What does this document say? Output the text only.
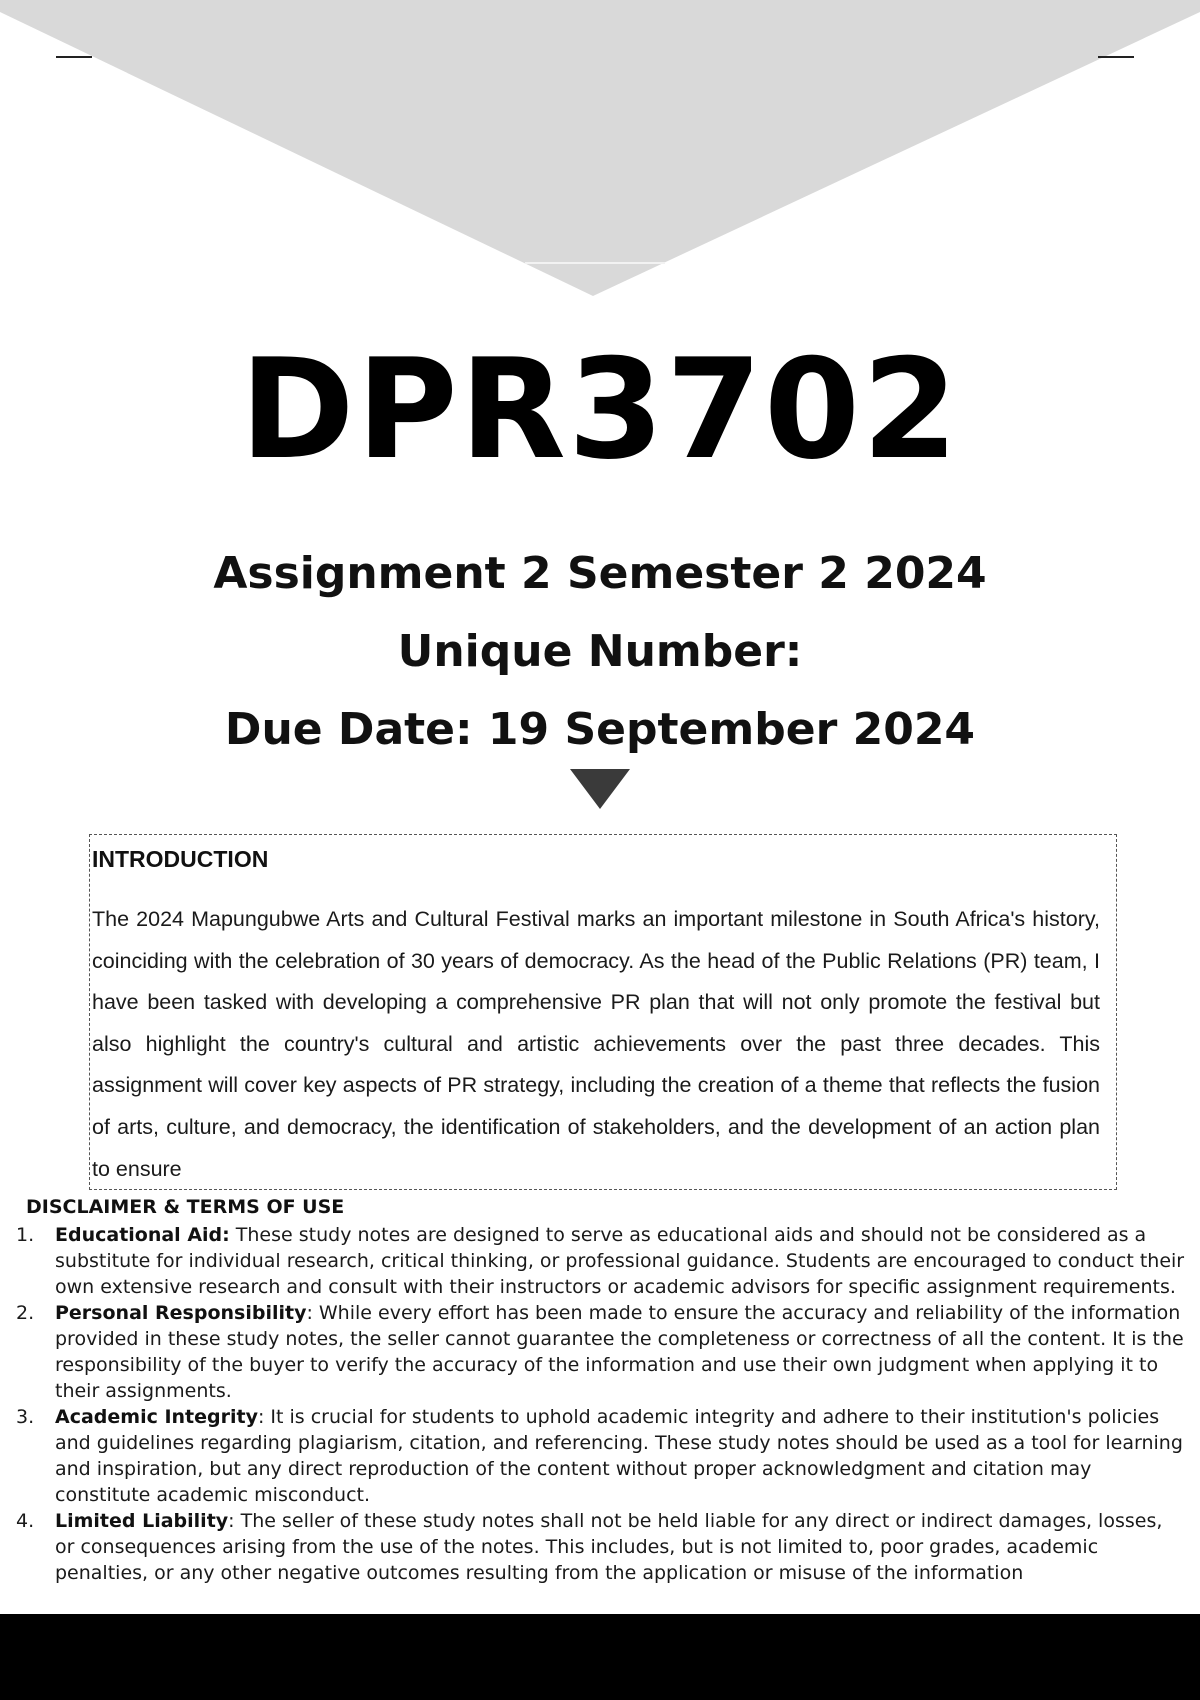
DPR3702
Assignment 2 Semester 2 2024
Unique Number:
Due Date: 19 September 2024
INTRODUCTION

The 2024 Mapungubwe Arts and Cultural Festival marks an important milestone in South Africa's history, coinciding with the celebration of 30 years of democracy. As the head of the Public Relations (PR) team, I have been tasked with developing a comprehensive PR plan that will not only promote the festival but also highlight the country's cultural and artistic achievements over the past three decades. This assignment will cover key aspects of PR strategy, including the creation of a theme that reflects the fusion of arts, culture, and democracy, the identification of stakeholders, and the development of an action plan to ensure

DISCLAIMER & TERMS OF USE
1. Educational Aid: These study notes are designed to serve as educational aids and should not be considered as a substitute for individual research, critical thinking, or professional guidance. Students are encouraged to conduct their own extensive research and consult with their instructors or academic advisors for specific assignment requirements.
2. Personal Responsibility: While every effort has been made to ensure the accuracy and reliability of the information provided in these study notes, the seller cannot guarantee the completeness or correctness of all the content. It is the responsibility of the buyer to verify the accuracy of the information and use their own judgment when applying it to their assignments.
3. Academic Integrity: It is crucial for students to uphold academic integrity and adhere to their institution's policies and guidelines regarding plagiarism, citation, and referencing. These study notes should be used as a tool for learning and inspiration, but any direct reproduction of the content without proper acknowledgment and citation may constitute academic misconduct.
4. Limited Liability: The seller of these study notes shall not be held liable for any direct or indirect damages, losses, or consequences arising from the use of the notes. This includes, but is not limited to, poor grades, academic penalties, or any other negative outcomes resulting from the application or misuse of the information
